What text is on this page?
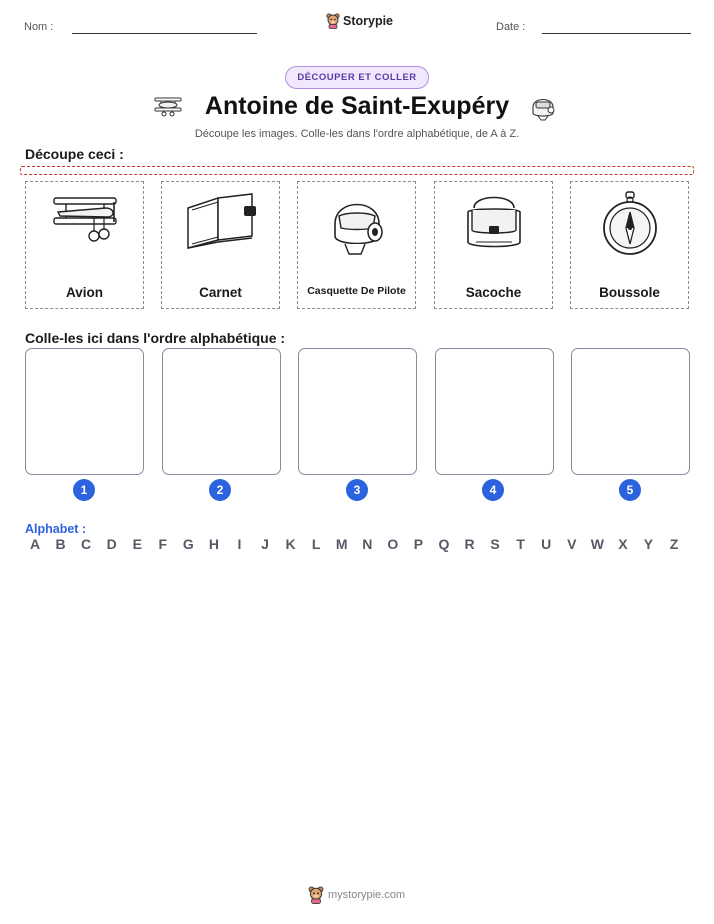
Nom :	Storypie	Date :
DÉCOUPER ET COLLER
Antoine de Saint-Exupéry
Découpe les images. Colle-les dans l'ordre alphabétique, de A à Z.
Découpe ceci :
Avion	Carnet	Casquette De Pilote	Sacoche	Boussole
Colle-les ici dans l'ordre alphabétique :
1	2	3	4	5
Alphabet :
A	B	C	D	E	F	G	H	I	J	K	L	M	N	O	P	Q	R	S	T	U	V	W	X	Y	Z
mystorypie.com
